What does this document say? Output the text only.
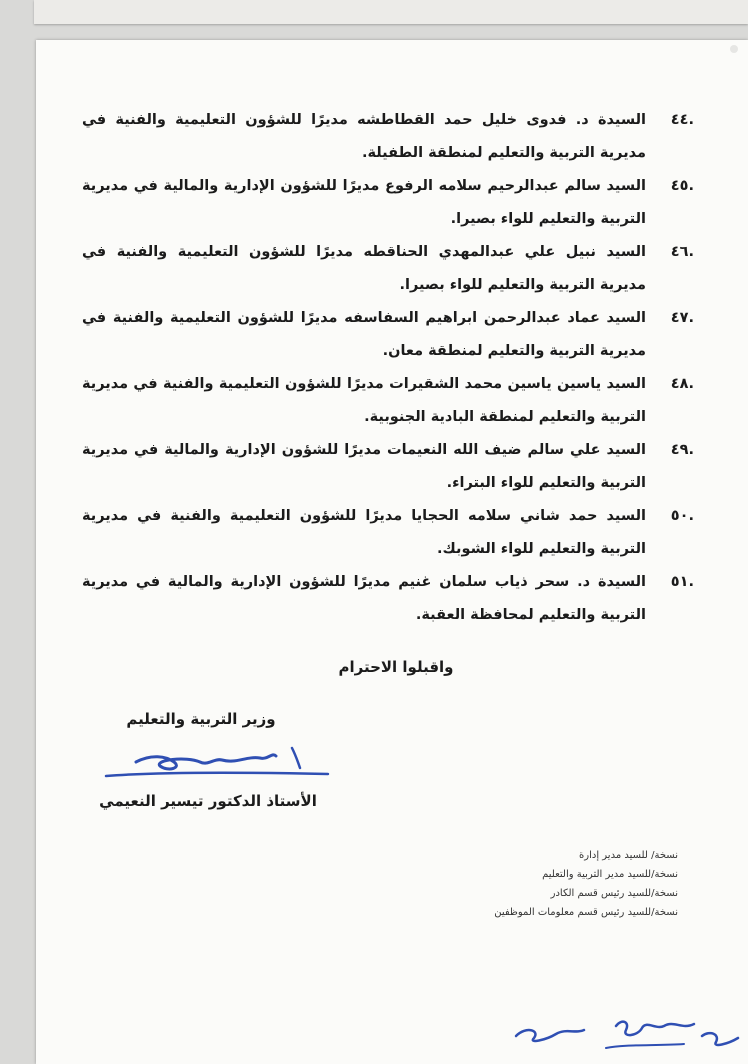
.٤٤
السيدة د. فدوى خليل حمد القطاطشه مديرًا للشؤون التعليمية والفنية في مديرية التربية والتعليم لمنطقة الطفيلة.
.٤٥
السيد سالم عبدالرحيم سلامه الرفوع مديرًا للشؤون الإدارية والمالية في مديرية التربية والتعليم للواء بصيرا.
.٤٦
السيد نبيل علي عبدالمهدي الحناقطه مديرًا للشؤون التعليمية والفنية في مديرية التربية والتعليم للواء بصيرا.
.٤٧
السيد عماد عبدالرحمن ابراهيم السفاسفه مديرًا للشؤون التعليمية والفنية في مديرية التربية والتعليم لمنطقة معان.
.٤٨
السيد ياسين ياسين محمد الشقيرات مديرًا للشؤون التعليمية والفنية في مديرية التربية والتعليم لمنطقة البادية الجنوبية.
.٤٩
السيد علي سالم ضيف الله النعيمات مديرًا للشؤون الإدارية والمالية في مديرية التربية والتعليم للواء البتراء.
.٥٠
السيد حمد شاني سلامه الحجايا مديرًا للشؤون التعليمية والفنية في مديرية التربية والتعليم للواء الشوبك.
.٥١
السيدة د. سحر ذياب سلمان غنيم مديرًا للشؤون الإدارية والمالية في مديرية التربية والتعليم لمحافظة العقبة.
واقبلوا الاحترام
وزير التربية والتعليم
الأستاذ الدكتور تيسير النعيمي
نسخة/ للسيد مدير إدارة
نسخة/للسيد مدير التربية والتعليم
نسخة/للسيد رئيس قسم الكادر
نسخة/للسيد رئيس قسم معلومات الموظفين
